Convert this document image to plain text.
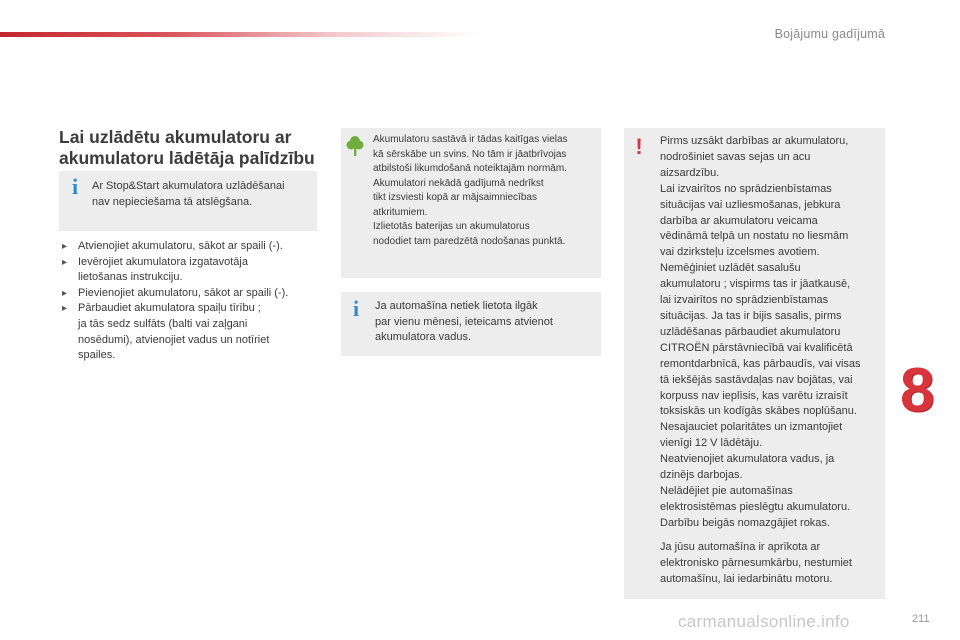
Bojājumu gadījumā
Lai uzlādētu akumulatoru ar
akumulatoru lādētāja palīdzību
i Ar Stop&Start akumulatora uzlādēšanai
nav nepieciešama tā atslēgšana.
▸ Atvienojiet akumulatoru, sākot ar spaili (-).
▸ Ievērojiet akumulatora izgatavotāja
lietošanas instrukciju.
▸ Pievienojiet akumulatoru, sākot ar spaili (-).
▸ Pārbaudiet akumulatora spaiļu tīrību ;
ja tās sedz sulfāts (balti vai zaļgani
nosēdumi), atvienojiet vadus un notīriet
spailes.
Akumulatoru sastāvā ir tādas kaitīgas vielas
kā sērskābe un svins. No tām ir jāatbrīvojas
atbilstoši likumdošanā noteiktajām normām.
Akumulatori nekādā gadījumā nedrīkst
tikt izsviesti kopā ar mājsaimniecības
atkritumiem.
Izlietotās baterijas un akumulatorus
nododiet tam paredzētā nodošanas punktā.
i Ja automašīna netiek lietota ilgāk
par vienu mēnesi, ieteicams atvienot
akumulatora vadus.
! Pirms uzsākt darbības ar akumulatoru,
nodrošiniet savas sejas un acu
aizsardzību.
Lai izvairītos no sprādzienbīstamas
situācijas vai uzliesmošanas, jebkura
darbība ar akumulatoru veicama
vēdināmā telpā un nostatu no liesmām
vai dzirksteļu izcelsmes avotiem.
Nemēģiniet uzlādēt sasalušu
akumulatoru ; vispirms tas ir jāatkausē,
lai izvairītos no sprādzienbīstamas
situācijas. Ja tas ir bijis sasalis, pirms
uzlādēšanas pārbaudiet akumulatoru
CITROËN pārstāvniecībā vai kvalificētā
remontdarbnīcā, kas pārbaudīs, vai visas
tā iekšējās sastāvdaļas nav bojātas, vai
korpuss nav ieplīsis, kas varētu izraisīt
toksiskās un kodīgās skābes noplūšanu.
Nesajauciet polaritātes un izmantojiet
vienīgi 12 V lādētāju.
Neatvienojiet akumulatora vadus, ja
dzinējs darbojas.
Nelādējiet pie automašīnas
elektrosistēmas pieslēgtu akumulatoru.
Darbību beigās nomazgājiet rokas.
Ja jūsu automašīna ir aprīkota ar
elektronisko pārnesumkārbu, nestumiet
automašīnu, lai iedarbinātu motoru.
8
carmanualsonline.info	211
